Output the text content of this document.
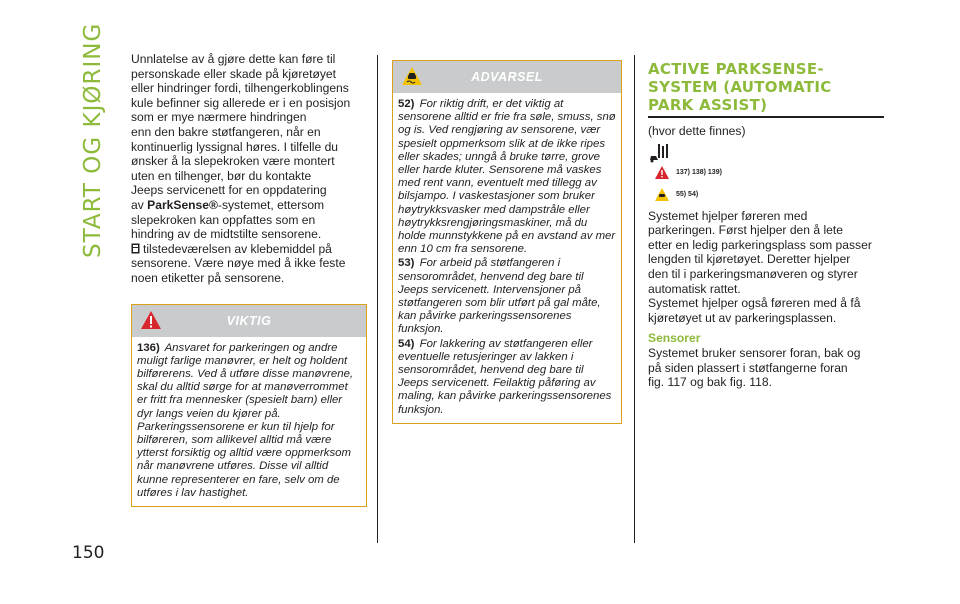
START OG KJØRING
150

Unnlatelse av å gjøre dette kan føre til

personskade eller skade på kjøretøyet

eller hindringer fordi, tilhengerkoblingens

kule befinner sig allerede er i en posisjon

som er mye nærmere hindringen

enn den bakre støtfangeren, når en

kontinuerlig lyssignal høres. I tilfelle du

ønsker å la slepekroken være montert

uten en tilhenger, bør du kontakte

Jeeps servicenett for en oppdatering

av ParkSense®-systemet, ettersom

slepekroken kan oppfattes som en

hindring av de midtstilte sensorene.

tilstedeværelsen av klebemiddel på

sensorene. Være nøye med å ikke feste

noen etiketter på sensorene.

VIKTIG
136) Ansvaret for parkeringen og andre muligt farlige manøvrer, er helt og holdent bilførerens. Ved å utføre disse manøvrene, skal du alltid sørge for at manøverrommet er fritt fra mennesker (spesielt barn) eller dyr langs veien du kjører på. Parkeringssensorene er kun til hjelp for bilføreren, som allikevel alltid må være ytterst forsiktig og alltid være oppmerksom når manøvrene utføres. Disse vil alltid kunne representerer en fare, selv om de utføres i lav hastighet.
ADVARSEL

52) For riktig drift, er det viktig at sensorene alltid er frie fra søle, smuss, snø og is. Ved rengjøring av sensorene, vær spesielt oppmerksom slik at de ikke ripes eller skades; unngå å bruke tørre, grove eller harde kluter. Sensorene må vaskes med rent vann, eventuelt med tillegg av bilsjampo. I vaskestasjoner som bruker høytrykksvasker med dampstråle eller høytrykksrengjøringsmaskiner, må du holde munnstykkene på en avstand av mer enn 10 cm fra sensorene.

53) For arbeid på støtfangeren i sensorområdet, henvend deg bare til Jeeps servicenett. Intervensjoner på støtfangeren som blir utført på gal måte, kan påvirke parkeringssensorenes funksjon.

54) For lakkering av støtfangeren eller eventuelle retusjeringer av lakken i sensorområdet, henvend deg bare til Jeeps servicenett. Feilaktig påføring av maling, kan påvirke parkeringssensorenes funksjon.

ACTIVE PARKSENSE-
SYSTEM (AUTOMATIC
PARK ASSIST)

(hvor dette finnes)

137) 138) 139)
55) 54)

Systemet hjelper føreren med

parkeringen. Først hjelper den å lete

etter en ledig parkeringsplass som passer

lengden til kjøretøyet. Deretter hjelper

den til i parkeringsmanøveren og styrer

automatisk rattet.

Systemet hjelper også føreren med å få

kjøretøyet ut av parkeringsplassen.

Sensorer

Systemet bruker sensorer foran, bak og

på siden plassert i støtfangerne foran

fig. 117 og bak fig. 118.
